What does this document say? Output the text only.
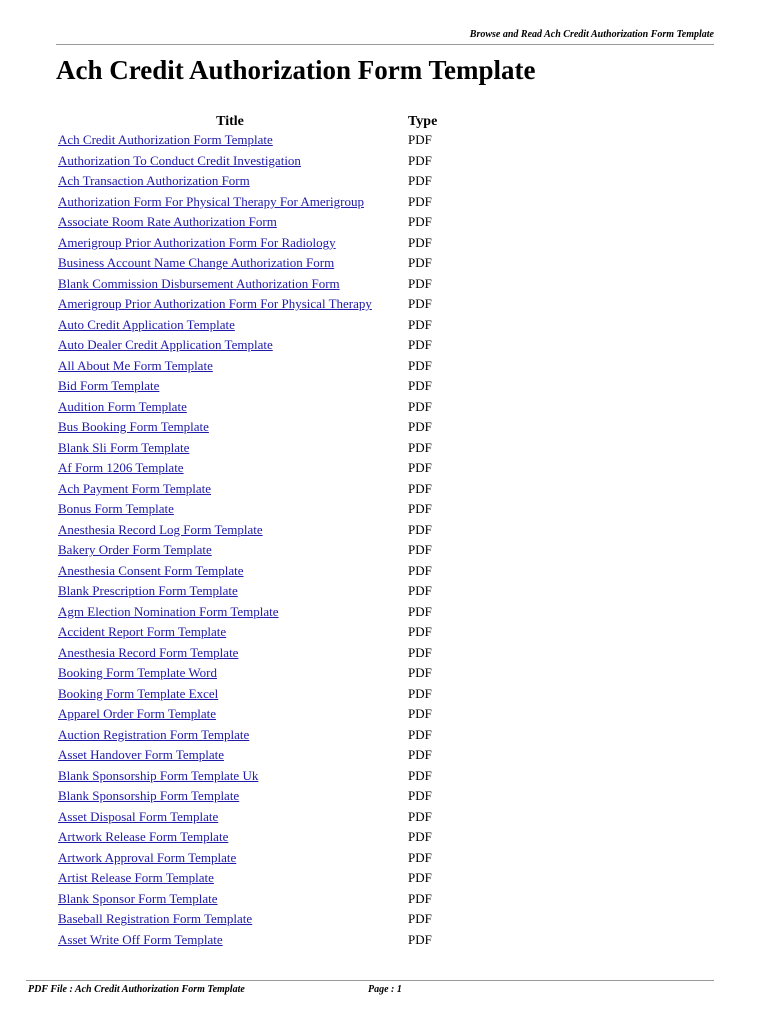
Browse and Read Ach Credit Authorization Form Template
Ach Credit Authorization Form Template
Title	Type
Ach Credit Authorization Form Template	PDF
Authorization To Conduct Credit Investigation	PDF
Ach Transaction Authorization Form	PDF
Authorization Form For Physical Therapy For Amerigroup	PDF
Associate Room Rate Authorization Form	PDF
Amerigroup Prior Authorization Form For Radiology	PDF
Business Account Name Change Authorization Form	PDF
Blank Commission Disbursement Authorization Form	PDF
Amerigroup Prior Authorization Form For Physical Therapy	PDF
Auto Credit Application Template	PDF
Auto Dealer Credit Application Template	PDF
All About Me Form Template	PDF
Bid Form Template	PDF
Audition Form Template	PDF
Bus Booking Form Template	PDF
Blank Sli Form Template	PDF
Af Form 1206 Template	PDF
Ach Payment Form Template	PDF
Bonus Form Template	PDF
Anesthesia Record Log Form Template	PDF
Bakery Order Form Template	PDF
Anesthesia Consent Form Template	PDF
Blank Prescription Form Template	PDF
Agm Election Nomination Form Template	PDF
Accident Report Form Template	PDF
Anesthesia Record Form Template	PDF
Booking Form Template Word	PDF
Booking Form Template Excel	PDF
Apparel Order Form Template	PDF
Auction Registration Form Template	PDF
Asset Handover Form Template	PDF
Blank Sponsorship Form Template Uk	PDF
Blank Sponsorship Form Template	PDF
Asset Disposal Form Template	PDF
Artwork Release Form Template	PDF
Artwork Approval Form Template	PDF
Artist Release Form Template	PDF
Blank Sponsor Form Template	PDF
Baseball Registration Form Template	PDF
Asset Write Off Form Template	PDF
PDF File : Ach Credit Authorization Form Template	Page : 1
